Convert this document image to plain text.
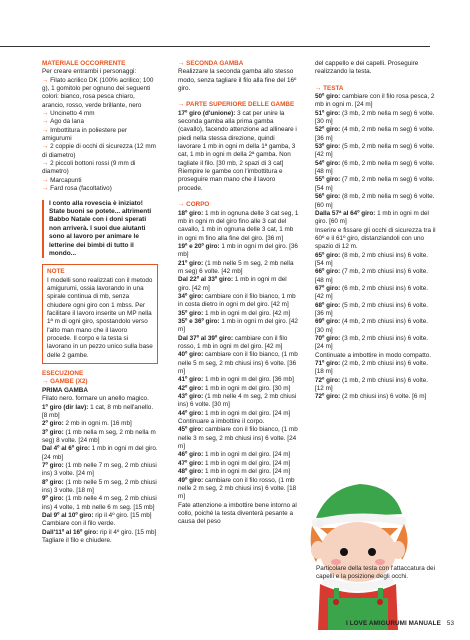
MATERIALE OCCORRENTE

Per creare entrambi i personaggi:

→ Filato acrilico DK (100% acrilico; 100 g), 1 gomitolo per ognuno dei seguenti colori: bianco, rosa pesca chiaro, arancio, rosso, verde brillante, nero

→ Uncinetto 4 mm

→ Ago da lana

→ Imbottitura in poliestere per amigurumi

→ 2 coppie di occhi di sicurezza (12 mm di diametro)

→ 2 piccoli bottoni rossi (9 mm di diametro)

→ Marcapunti

→ Fard rosa (facoltativo)

I conto alla rovescia è iniziato! State buoni se potete... altrimenti Babbo Natale con i doni sperati non arriverà. I suoi due aiutanti sono al lavoro per animare le letterine dei bimbi di tutto il mondo...
NOTE
I modelli sono realizzati con il metodo amigurumi, ossia lavorando in una spirale continua di mb, senza chiudere ogni giro con 1 mbss. Per facilitare il lavoro inserite un MP nella 1ª m di ogni giro, spostandolo verso l'alto man mano che il lavoro procede. Il corpo e la testa si lavorano in un pezzo unico sulla base delle 2 gambe.

ESECUZIONE

→ GAMBE (X2)

PRIMA GAMBA

Filato nero. formare un anello magico.

1º giro (dir lav): 1 cat, 8 mb nell'anello. [8 mb]

2º giro: 2 mb in ogni m. [16 mb]

3º giro: (1 mb nella m seg, 2 mb nella m seg) 8 volte. [24 mb]

Dal 4º al 6º giro: 1 mb in ogni m del giro. [24 mb]

7º giro: (1 mb nelle 7 m seg, 2 mb chiusi ins) 3 volte. [24 m]

8º giro: (1 mb nelle 5 m seg, 2 mb chiusi ins) 3 volte. [18 m]

9º giro: (1 mb nelle 4 m seg, 2 mb chiusi ins) 4 volte, 1 mb nelle 6 m seg. [15 mb]

Dal 9º al 10º giro: rip il 4º giro. [15 mb]

Cambiare con il filo verde.

Dall'11º al 16º giro: rip il 4º giro. [15 mb]

Tagliare il filo e chiudere.

→ SECONDA GAMBA

Realizzare la seconda gamba allo stesso modo, senza tagliare il filo alla fine del 16º giro.

→ PARTE SUPERIORE DELLE GAMBE

17º giro (d'unione): 3 cat per unire la seconda gamba alla prima gamba (cavallo), facendo attenzione ad allineare i piedi nella stessa direzione, quindi lavorare 1 mb in ogni m della 1ª gamba, 3 cat, 1 mb in ogni m della 2ª gamba. Non tagliate il filo. [30 mb, 2 spazi di 3 cat]

Riempire le gambe con l'imbottitura e proseguire man mano che il lavoro procede.

→ CORPO

18º giro: 1 mb in ognuna delle 3 cat seg, 1 mb in ogni m del giro fino alle 3 cat del cavallo, 1 mb in ognuna delle 3 cat, 1 mb in ogni m fino alla fine del giro. [36 m]

19º e 20º giro: 1 mb in ogni m del giro. [36 mb]

21º giro: (1 mb nelle 5 m seg, 2 mb nella m seg) 6 volte. [42 mb]

Dal 22º al 33º giro: 1 mb in ogni m del giro. [42 m]

34º giro: cambiare con il filo bianco, 1 mb in costa dietro in ogni m del giro. [42 m]

35º giro: 1 mb in ogni m del giro. [42 m]

35º e 36º giro: 1 mb in ogni m del giro. [42 m]

Dal 37º al 39º giro: cambiare con il filo rosso, 1 mb in ogni m del giro. [42 m]

40º giro: cambiare con il filo bianco, (1 mb nelle 5 m seg, 2 mb chiusi ins) 6 volte. [36 m]

41º giro: 1 mb in ogni m del giro. [36 mb]

42º giro: 1 mb in ogni m del giro. [30 m]

43º giro: (1 mb nelle 4 m seg, 2 mb chiusi ins) 6 volte. [30 m]

44º giro: 1 mb in ogni m del giro. [24 m]

Continuare a imbottire il corpo.

45º giro: cambiare con il filo bianco, (1 mb nelle 3 m seg, 2 mb chiusi ins) 6 volte. [24 m]

46º giro: 1 mb in ogni m del giro. [24 m]

47º giro: 1 mb in ogni m del giro. [24 m]

48º giro: 1 mb in ogni m del giro. [24 m]

49º giro: cambiare con il filo rosso, (1 mb nelle 2 m seg, 2 mb chiusi ins) 6 volte. [18 m]

Fate attenzione a imbottire bene intorno al collo, poiché la testa diventerà pesante a causa del peso

del cappello e dei capelli. Proseguire realizzando la testa.

→ TESTA

50º giro: cambiare con il filo rosa pesca, 2 mb in ogni m. [24 m]

51º giro: (3 mb, 2 mb nella m seg) 6 volte. [30 m]

52º giro: (4 mb, 2 mb nella m seg) 6 volte. [36 m]

53º giro: (5 mb, 2 mb nella m seg) 6 volte. [42 m]

54º giro: (6 mb, 2 mb nella m seg) 6 volte. [48 m]

55º giro: (7 mb, 2 mb nella m seg) 6 volte. [54 m]

56º giro: (8 mb, 2 mb nella m seg) 6 volte. [60 m]

Dalla 57ª al 64º giro: 1 mb in ogni m del giro. [60 m]

Inserire e fissare gli occhi di sicurezza tra il 60º e il 61º giro, distanziandoli con uno spazio di 12 m.

65º giro: (8 mb, 2 mb chiusi ins) 6 volte. [54 m]

66º giro: (7 mb, 2 mb chiusi ins) 6 volte. [48 m]

67º giro: (6 mb, 2 mb chiusi ins) 6 volte. [42 m]

68º giro: (5 mb, 2 mb chiusi ins) 6 volte. [36 m]

69º giro: (4 mb, 2 mb chiusi ins) 6 volte. [30 m]

70º giro: (3 mb, 2 mb chiusi ins) 6 volte. [24 m]

Continuate a imbottire in modo compatto.

71º giro: (2 mb, 2 mb chiusi ins) 6 volte. [18 m]

72º giro: (1 mb, 2 mb chiusi ins) 6 volte. [12 m]

72º giro: (2 mb chiusi ins) 6 volte. [6 m]

Particolare della testa con l'attaccatura dei capelli e la posizione degli occhi.
I LOVE AMIGURUMI MANUALE 53
